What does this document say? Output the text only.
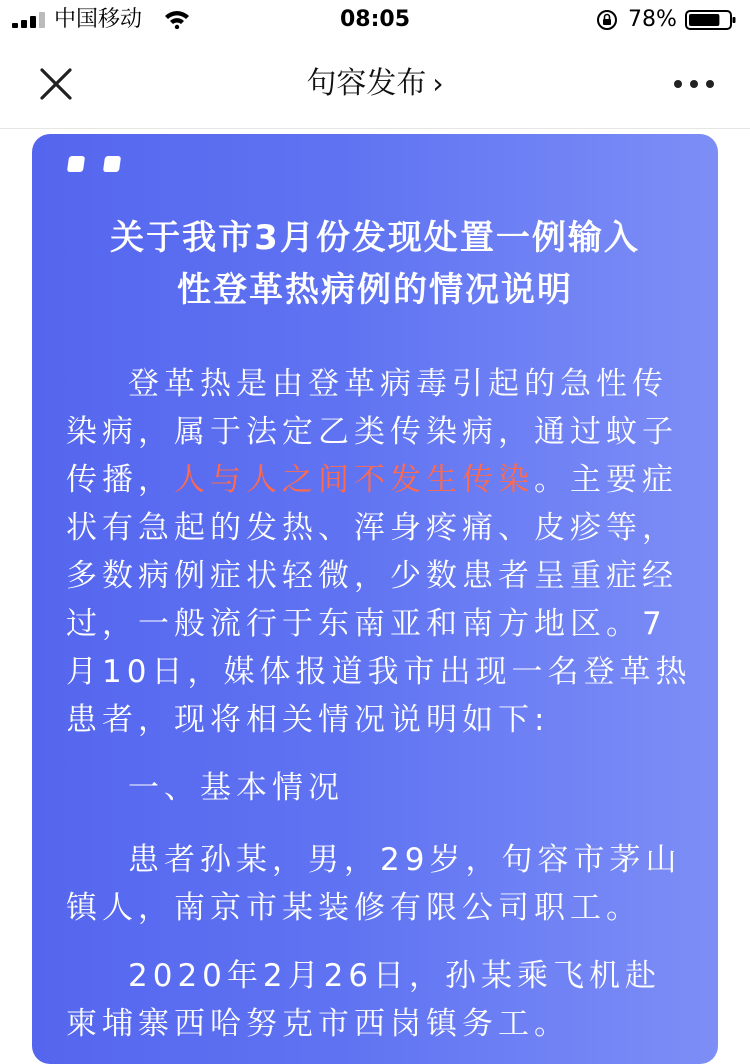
中国移动	08:05	78%
句容发布 ›
关于我市3月份发现处置一例输入
性登革热病例的情况说明
登革热是由登革病毒引起的急性传染病，属于法定乙类传染病，通过蚊子传播，人与人之间不发生传染。主要症状有急起的发热、浑身疼痛、皮疹等，多数病例症状轻微，少数患者呈重症经过，一般流行于东南亚和南方地区。7月10日，媒体报道我市出现一名登革热患者，现将相关情况说明如下:
一、基本情况
患者孙某，男，29岁，句容市茅山镇人，南京市某装修有限公司职工。
2020年2月26日，孙某乘飞机赴柬埔寨西哈努克市西岗镇务工。
